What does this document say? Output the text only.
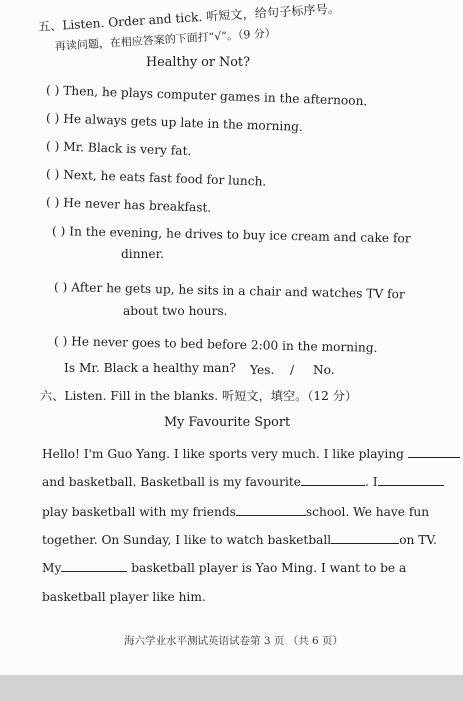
五、Listen. Order and tick. 听短文，给句子标序号。
再读问题，在相应答案的下面打“√”。（9 分）
Healthy or Not?
( ) Then, he plays computer games in the afternoon.
( ) He always gets up late in the morning.
( ) Mr. Black is very fat.
( ) Next, he eats fast food for lunch.
( ) He never has breakfast.
( ) In the evening, he drives to buy ice cream and cake for
dinner.
( ) After he gets up, he sits in a chair and watches TV for
about two hours.
( ) He never goes to bed before 2:00 in the morning.
Is Mr. Black a healthy man? Yes. / No.
六、Listen. Fill in the blanks. 听短文，填空。（12 分）
My Favourite Sport
Hello! I'm Guo Yang. I like sports very much. I like playing
and basketball. Basketball is my favourite	. I
play basketball with my friends	school. We have fun
together. On Sunday, I like to watch basketball	on TV.
My	basketball player is Yao Ming. I want to be a
basketball player like him.
海六学业水平测试英语试卷第 3 页 （共 6 页）
